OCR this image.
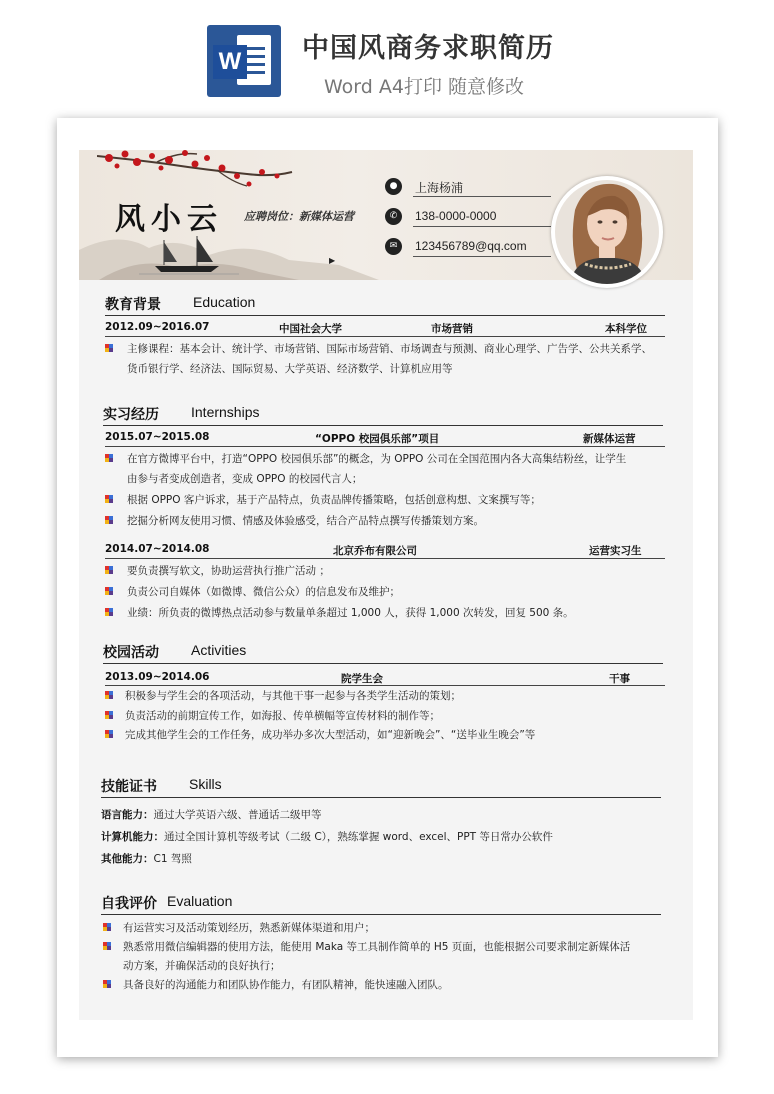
W 中国风商务求职简历
Word A4打印 随意修改
风小云 应聘岗位：新媒体运营
▶
●	上海杨浦
✆	138-0000-0000
✉	123456789@qq.com
教育背景 Education
2012.09~2016.07	中国社会大学	市场营销	本科学位
主修课程：基本会计、统计学、市场营销、国际市场营销、市场调查与预测、商业心理学、广告学、公共关系学、
货币银行学、经济法、国际贸易、大学英语、经济数学、计算机应用等
实习经历 Internships
2015.07~2015.08	“OPPO 校园俱乐部”项目	新媒体运营
在官方微博平台中，打造“OPPO 校园俱乐部”的概念，为 OPPO 公司在全国范围内各大高集结粉丝，让学生
由参与者变成创造者，变成 OPPO 的校园代言人；
根据 OPPO 客户诉求，基于产品特点，负责品牌传播策略，包括创意构想、文案撰写等；
挖掘分析网友使用习惯、情感及体验感受，结合产品特点撰写传播策划方案。
2014.07~2014.08	北京乔布有限公司	运营实习生
要负责撰写软文，协助运营执行推广活动 ；
负责公司自媒体（如微博、微信公众）的信息发布及维护；
业绩：所负责的微博热点活动参与数量单条超过 1,000 人，获得 1,000 次转发，回复 500 条。
校园活动 Activities
2013.09~2014.06	院学生会	干事
积极参与学生会的各项活动，与其他干事一起参与各类学生活动的策划；
负责活动的前期宣传工作，如海报、传单横幅等宣传材料的制作等；
完成其他学生会的工作任务，成功举办多次大型活动，如“迎新晚会”、“送毕业生晚会”等
技能证书 Skills
语言能力：通过大学英语六级、普通话二级甲等
计算机能力：通过全国计算机等级考试（二级 C），熟练掌握 word、excel、PPT 等日常办公软件
其他能力：C1 驾照
自我评价 Evaluation
有运营实习及活动策划经历，熟悉新媒体渠道和用户；
熟悉常用微信编辑器的使用方法，能使用 Maka 等工具制作简单的 H5 页面，也能根据公司要求制定新媒体活
动方案，并确保活动的良好执行；
具备良好的沟通能力和团队协作能力，有团队精神，能快速融入团队。
